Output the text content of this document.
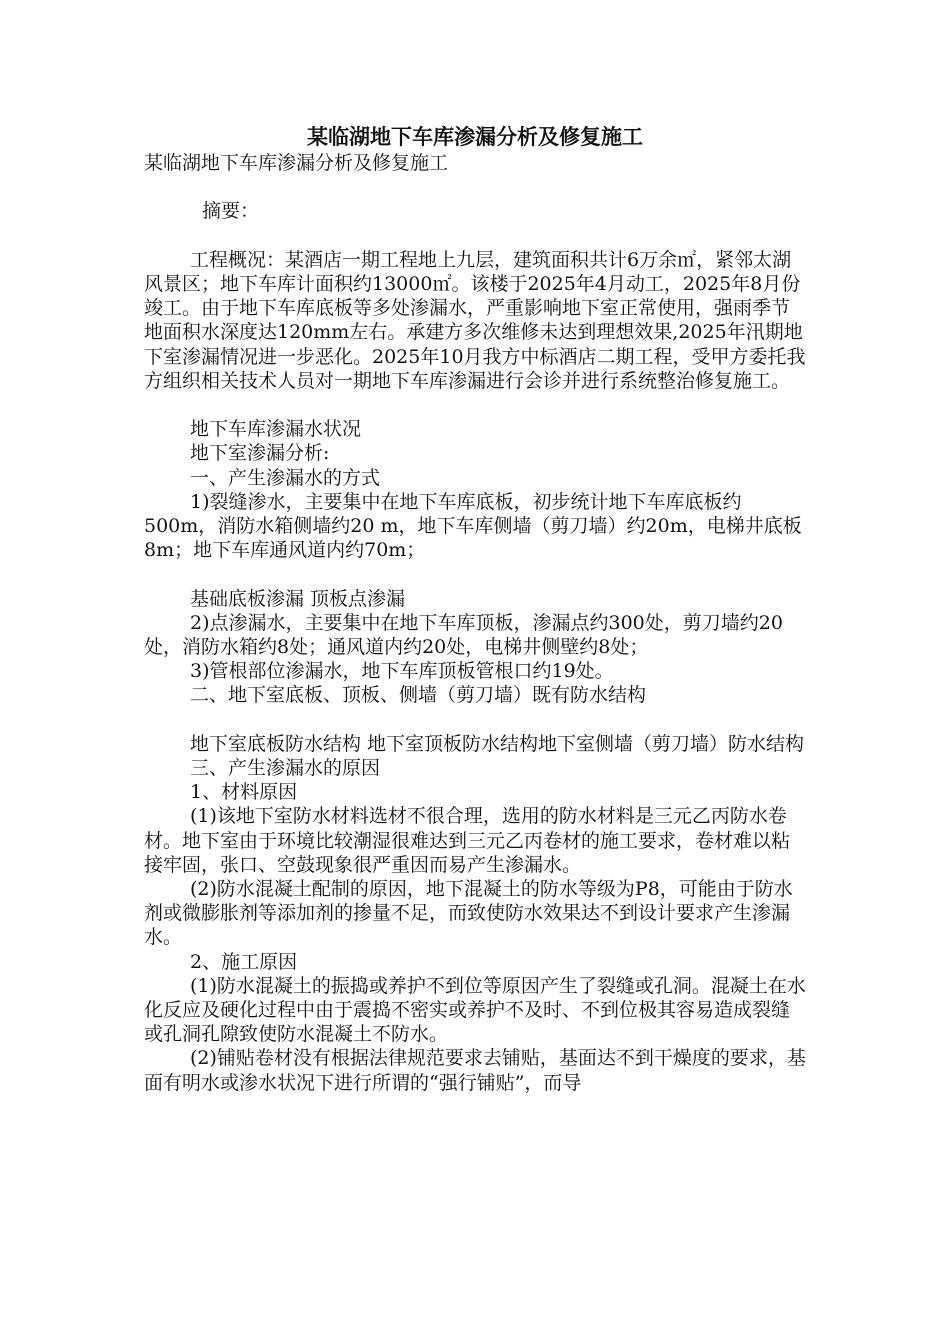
某临湖地下车库渗漏分析及修复施工

某临湖地下车库渗漏分析及修复施工

摘要：

工程概况：某酒店一期工程地上九层，建筑面积共计6万余㎡，紧邻太湖风景区；地下车库计面积约13000㎡。该楼于2025年4月动工，2025年8月份竣工。由于地下车库底板等多处渗漏水，严重影响地下室正常使用，强雨季节地面积水深度达120mm左右。承建方多次维修未达到理想效果,2025年汛期地下室渗漏情况进一步恶化。2025年10月我方中标酒店二期工程，受甲方委托我方组织相关技术人员对一期地下车库渗漏进行会诊并进行系统整治修复施工。

地下车库渗漏水状况

地下室渗漏分析:

一、产生渗漏水的方式

1)裂缝渗水，主要集中在地下车库底板，初步统计地下车库底板约500m，消防水箱侧墙约20 m，地下车库侧墙（剪刀墙）约20m，电梯井底板8m；地下车库通风道内约70m；

基础底板渗漏 顶板点渗漏

2)点渗漏水，主要集中在地下车库顶板，渗漏点约300处，剪刀墙约20处，消防水箱约8处；通风道内约20处，电梯井侧壁约8处；

3)管根部位渗漏水，地下车库顶板管根口约19处。

二、地下室底板、顶板、侧墙（剪刀墙）既有防水结构

地下室底板防水结构 地下室顶板防水结构地下室侧墙（剪刀墙）防水结构

三、产生渗漏水的原因

1、材料原因

(1)该地下室防水材料选材不很合理，选用的防水材料是三元乙丙防水卷材。地下室由于环境比较潮湿很难达到三元乙丙卷材的施工要求，卷材难以粘接牢固，张口、空鼓现象很严重因而易产生渗漏水。

(2)防水混凝土配制的原因，地下混凝土的防水等级为P8，可能由于防水剂或微膨胀剂等添加剂的掺量不足，而致使防水效果达不到设计要求产生渗漏水。

2、施工原因

(1)防水混凝土的振捣或养护不到位等原因产生了裂缝或孔洞。混凝土在水化反应及硬化过程中由于震捣不密实或养护不及时、不到位极其容易造成裂缝或孔洞孔隙致使防水混凝土不防水。

(2)铺贴卷材没有根据法律规范要求去铺贴，基面达不到干燥度的要求，基面有明水或渗水状况下进行所谓的“强行铺贴”，而导
